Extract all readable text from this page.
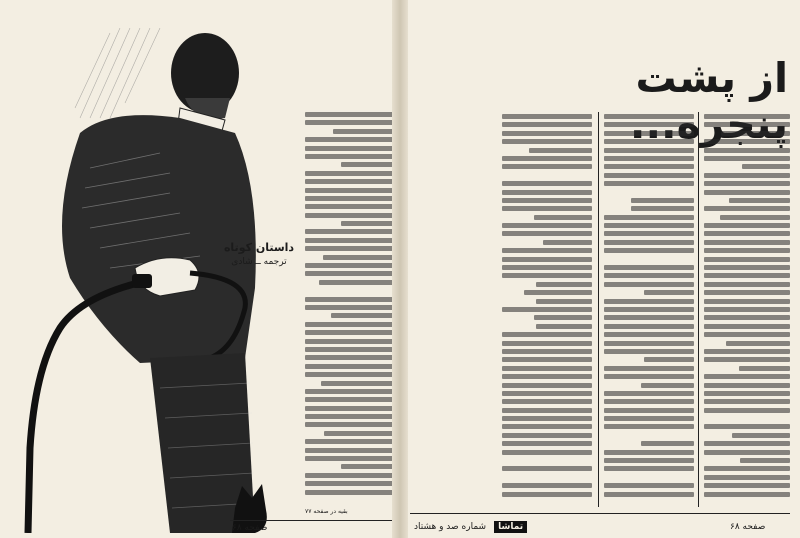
داستان کوتاه
ترجمه ــ شادی
بقیه در صفحه ۷۷
صفحه ۶۸
از پشت
ﺗﻤﺎﺷﺎ
شماره صد و هشتاد	صفحه ۶۸
